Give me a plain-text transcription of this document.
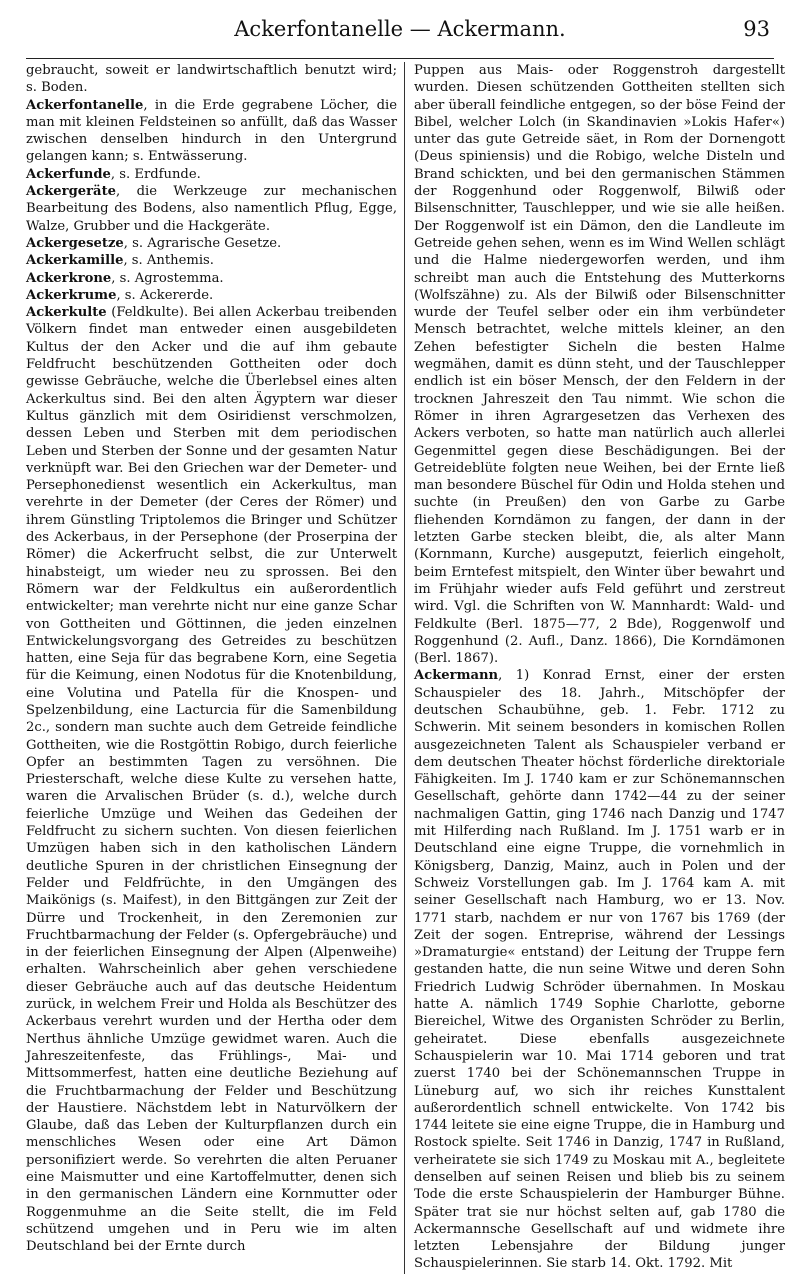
Ackerfontanelle — Ackermann.	93

gebraucht, soweit er landwirtschaftlich benutzt wird; s. Boden.

Ackerfontanelle, in die Erde gegrabene Löcher, die man mit kleinen Feldsteinen so anfüllt, daß das Wasser zwischen denselben hindurch in den Untergrund gelangen kann; s. Entwässerung.

Ackerfunde, s. Erdfunde.

Ackergeräte, die Werkzeuge zur mechanischen Bearbeitung des Bodens, also namentlich Pflug, Egge, Walze, Grubber und die Hackgeräte.

Ackergesetze, s. Agrarische Gesetze.

Ackerkamille, s. Anthemis.

Ackerkrone, s. Agrostemma.

Ackerkrume, s. Ackererde.

Ackerkulte (Feldkulte). Bei allen Ackerbau treibenden Völkern findet man entweder einen ausgebildeten Kultus der den Acker und die auf ihm gebaute Feldfrucht beschützenden Gottheiten oder doch gewisse Gebräuche, welche die Überlebsel eines alten Ackerkultus sind. Bei den alten Ägyptern war dieser Kultus gänzlich mit dem Osiridienst verschmolzen, dessen Leben und Sterben mit dem periodischen Leben und Sterben der Sonne und der gesamten Natur verknüpft war. Bei den Griechen war der Demeter- und Persephonedienst wesentlich ein Ackerkultus, man verehrte in der Demeter (der Ceres der Römer) und ihrem Günstling Triptolemos die Bringer und Schützer des Ackerbaus, in der Persephone (der Proserpina der Römer) die Ackerfrucht selbst, die zur Unterwelt hinabsteigt, um wieder neu zu sprossen. Bei den Römern war der Feldkultus ein außerordentlich entwickelter; man verehrte nicht nur eine ganze Schar von Gottheiten und Göttinnen, die jeden einzelnen Entwickelungsvorgang des Getreides zu beschützen hatten, eine Seja für das begrabene Korn, eine Segetia für die Keimung, einen Nodotus für die Knotenbildung, eine Volutina und Patella für die Knospen- und Spelzenbildung, eine Lacturcia für die Samenbildung 2c., sondern man suchte auch dem Getreide feindliche Gottheiten, wie die Rostgöttin Robigo, durch feierliche Opfer an bestimmten Tagen zu versöhnen. Die Priesterschaft, welche diese Kulte zu versehen hatte, waren die Arvalischen Brüder (s. d.), welche durch feierliche Umzüge und Weihen das Gedeihen der Feldfrucht zu sichern suchten. Von diesen feierlichen Umzügen haben sich in den katholischen Ländern deutliche Spuren in der christlichen Einsegnung der Felder und Feldfrüchte, in den Umgängen des Maikönigs (s. Maifest), in den Bittgängen zur Zeit der Dürre und Trockenheit, in den Zeremonien zur Fruchtbarmachung der Felder (s. Opfergebräuche) und in der feierlichen Einsegnung der Alpen (Alpenweihe) erhalten. Wahrscheinlich aber gehen verschiedene dieser Gebräuche auch auf das deutsche Heidentum zurück, in welchem Freir und Holda als Beschützer des Ackerbaus verehrt wurden und der Hertha oder dem Nerthus ähnliche Umzüge gewidmet waren. Auch die Jahreszeitenfeste, das Frühlings-, Mai- und Mittsommerfest, hatten eine deutliche Beziehung auf die Fruchtbarmachung der Felder und Beschützung der Haustiere. Nächstdem lebt in Naturvölkern der Glaube, daß das Leben der Kulturpflanzen durch ein menschliches Wesen oder eine Art Dämon personifiziert werde. So verehrten die alten Peruaner eine Maismutter und eine Kartoffelmutter, denen sich in den germanischen Ländern eine Kornmutter oder Roggenmuhme an die Seite stellt, die im Feld schützend umgehen und in Peru wie im alten Deutschland bei der Ernte durch

Puppen aus Mais- oder Roggenstroh dargestellt wurden. Diesen schützenden Gottheiten stellten sich aber überall feindliche entgegen, so der böse Feind der Bibel, welcher Lolch (in Skandinavien »Lokis Hafer«) unter das gute Getreide säet, in Rom der Dornengott (Deus spiniensis) und die Robigo, welche Disteln und Brand schickten, und bei den germanischen Stämmen der Roggenhund oder Roggenwolf, Bilwiß oder Bilsenschnitter, Tauschlepper, und wie sie alle heißen. Der Roggenwolf ist ein Dämon, den die Landleute im Getreide gehen sehen, wenn es im Wind Wellen schlägt und die Halme niedergeworfen werden, und ihm schreibt man auch die Entstehung des Mutterkorns (Wolfszähne) zu. Als der Bilwiß oder Bilsenschnitter wurde der Teufel selber oder ein ihm verbündeter Mensch betrachtet, welche mittels kleiner, an den Zehen befestigter Sicheln die besten Halme wegmähen, damit es dünn steht, und der Tauschlepper endlich ist ein böser Mensch, der den Feldern in der trocknen Jahreszeit den Tau nimmt. Wie schon die Römer in ihren Agrargesetzen das Verhexen des Ackers verboten, so hatte man natürlich auch allerlei Gegenmittel gegen diese Beschädigungen. Bei der Getreideblüte folgten neue Weihen, bei der Ernte ließ man besondere Büschel für Odin und Holda stehen und suchte (in Preußen) den von Garbe zu Garbe fliehenden Korndämon zu fangen, der dann in der letzten Garbe stecken bleibt, die, als alter Mann (Kornmann, Kurche) ausgeputzt, feierlich eingeholt, beim Erntefest mitspielt, den Winter über bewahrt und im Frühjahr wieder aufs Feld geführt und zerstreut wird. Vgl. die Schriften von W. Mannhardt: Wald- und Feldkulte (Berl. 1875—77, 2 Bde), Roggenwolf und Roggenhund (2. Aufl., Danz. 1866), Die Korndämonen (Berl. 1867).

Ackermann, 1) Konrad Ernst, einer der ersten Schauspieler des 18. Jahrh., Mitschöpfer der deutschen Schaubühne, geb. 1. Febr. 1712 zu Schwerin. Mit seinem besonders in komischen Rollen ausgezeichneten Talent als Schauspieler verband er dem deutschen Theater höchst förderliche direktoriale Fähigkeiten. Im J. 1740 kam er zur Schönemannschen Gesellschaft, gehörte dann 1742—44 zu der seiner nachmaligen Gattin, ging 1746 nach Danzig und 1747 mit Hilferding nach Rußland. Im J. 1751 warb er in Deutschland eine eigne Truppe, die vornehmlich in Königsberg, Danzig, Mainz, auch in Polen und der Schweiz Vorstellungen gab. Im J. 1764 kam A. mit seiner Gesellschaft nach Hamburg, wo er 13. Nov. 1771 starb, nachdem er nur von 1767 bis 1769 (der Zeit der sogen. Entreprise, während der Lessings »Dramaturgie« entstand) der Leitung der Truppe fern gestanden hatte, die nun seine Witwe und deren Sohn Friedrich Ludwig Schröder übernahmen. In Moskau hatte A. nämlich 1749 Sophie Charlotte, geborne Biereichel, Witwe des Organisten Schröder zu Berlin, geheiratet. Diese ebenfalls ausgezeichnete Schauspielerin war 10. Mai 1714 geboren und trat zuerst 1740 bei der Schönemannschen Truppe in Lüneburg auf, wo sich ihr reiches Kunsttalent außerordentlich schnell entwickelte. Von 1742 bis 1744 leitete sie eine eigne Truppe, die in Hamburg und Rostock spielte. Seit 1746 in Danzig, 1747 in Rußland, verheiratete sie sich 1749 zu Moskau mit A., begleitete denselben auf seinen Reisen und blieb bis zu seinem Tode die erste Schauspielerin der Hamburger Bühne. Später trat sie nur höchst selten auf, gab 1780 die Ackermannsche Gesellschaft auf und widmete ihre letzten Lebensjahre der Bildung junger Schauspielerinnen. Sie starb 14. Okt. 1792. Mit
